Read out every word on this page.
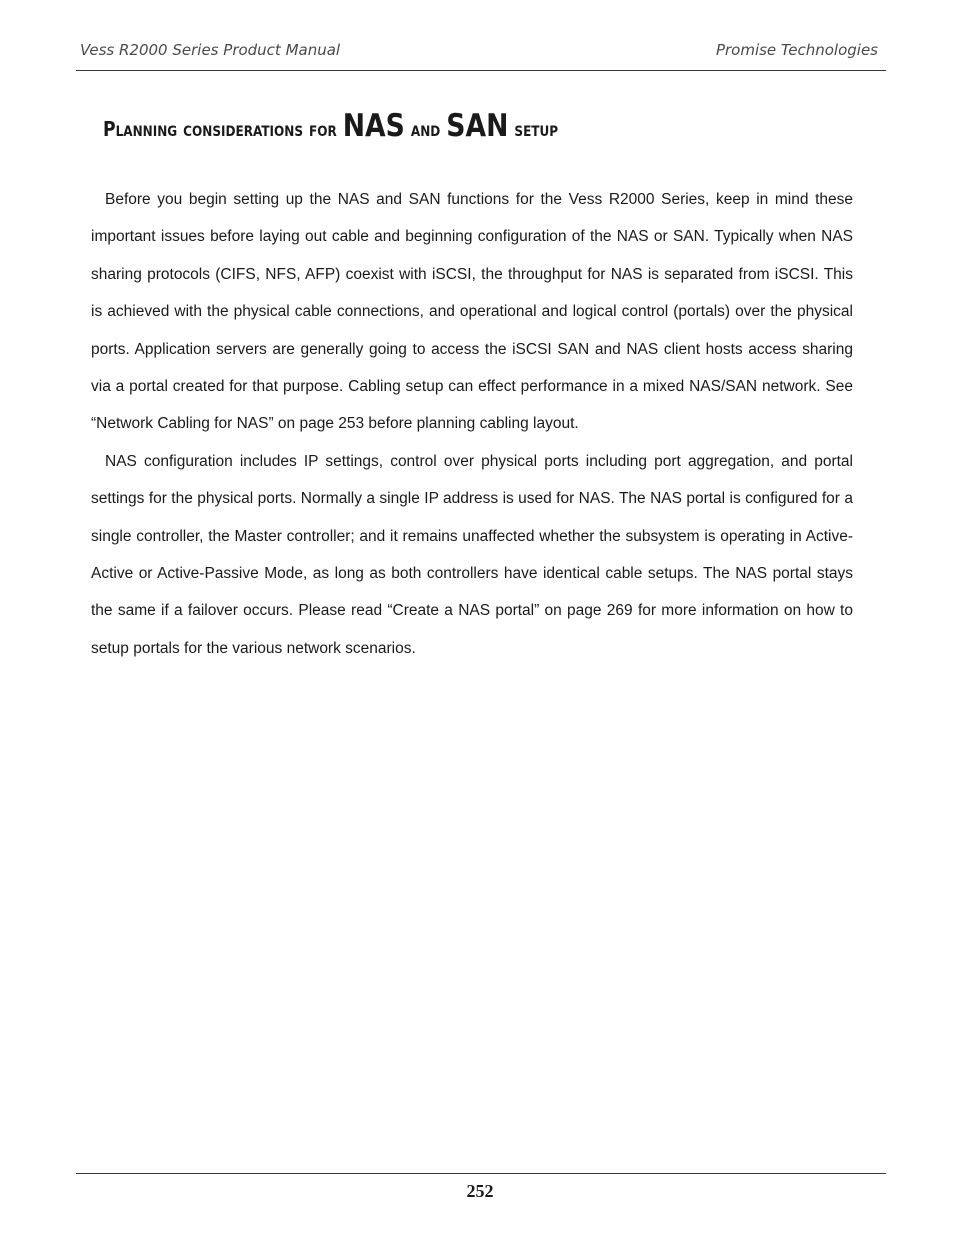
Vess R2000 Series Product Manual	Promise Technologies
Planning considerations for NAS and SAN setup

Before you begin setting up the NAS and SAN functions for the Vess R2000 Series, keep in mind these important issues before laying out cable and beginning configuration of the NAS or SAN. Typically when NAS sharing protocols (CIFS, NFS, AFP) coexist with iSCSI, the throughput for NAS is separated from iSCSI. This is achieved with the physical cable connections, and operational and logical control (portals) over the physical ports. Application servers are generally going to access the iSCSI SAN and NAS client hosts access sharing via a portal created for that purpose. Cabling setup can effect performance in a mixed NAS/SAN network. See “Network Cabling for NAS” on page 253 before planning cabling layout.

NAS configuration includes IP settings, control over physical ports including port aggregation, and portal settings for the physical ports. Normally a single IP address is used for NAS. The NAS portal is configured for a single controller, the Master controller; and it remains unaffected whether the subsystem is operating in Active-Active or Active-Passive Mode, as long as both controllers have identical cable setups. The NAS portal stays the same if a failover occurs. Please read “Create a NAS portal” on page 269 for more information on how to setup portals for the various network scenarios.

252
